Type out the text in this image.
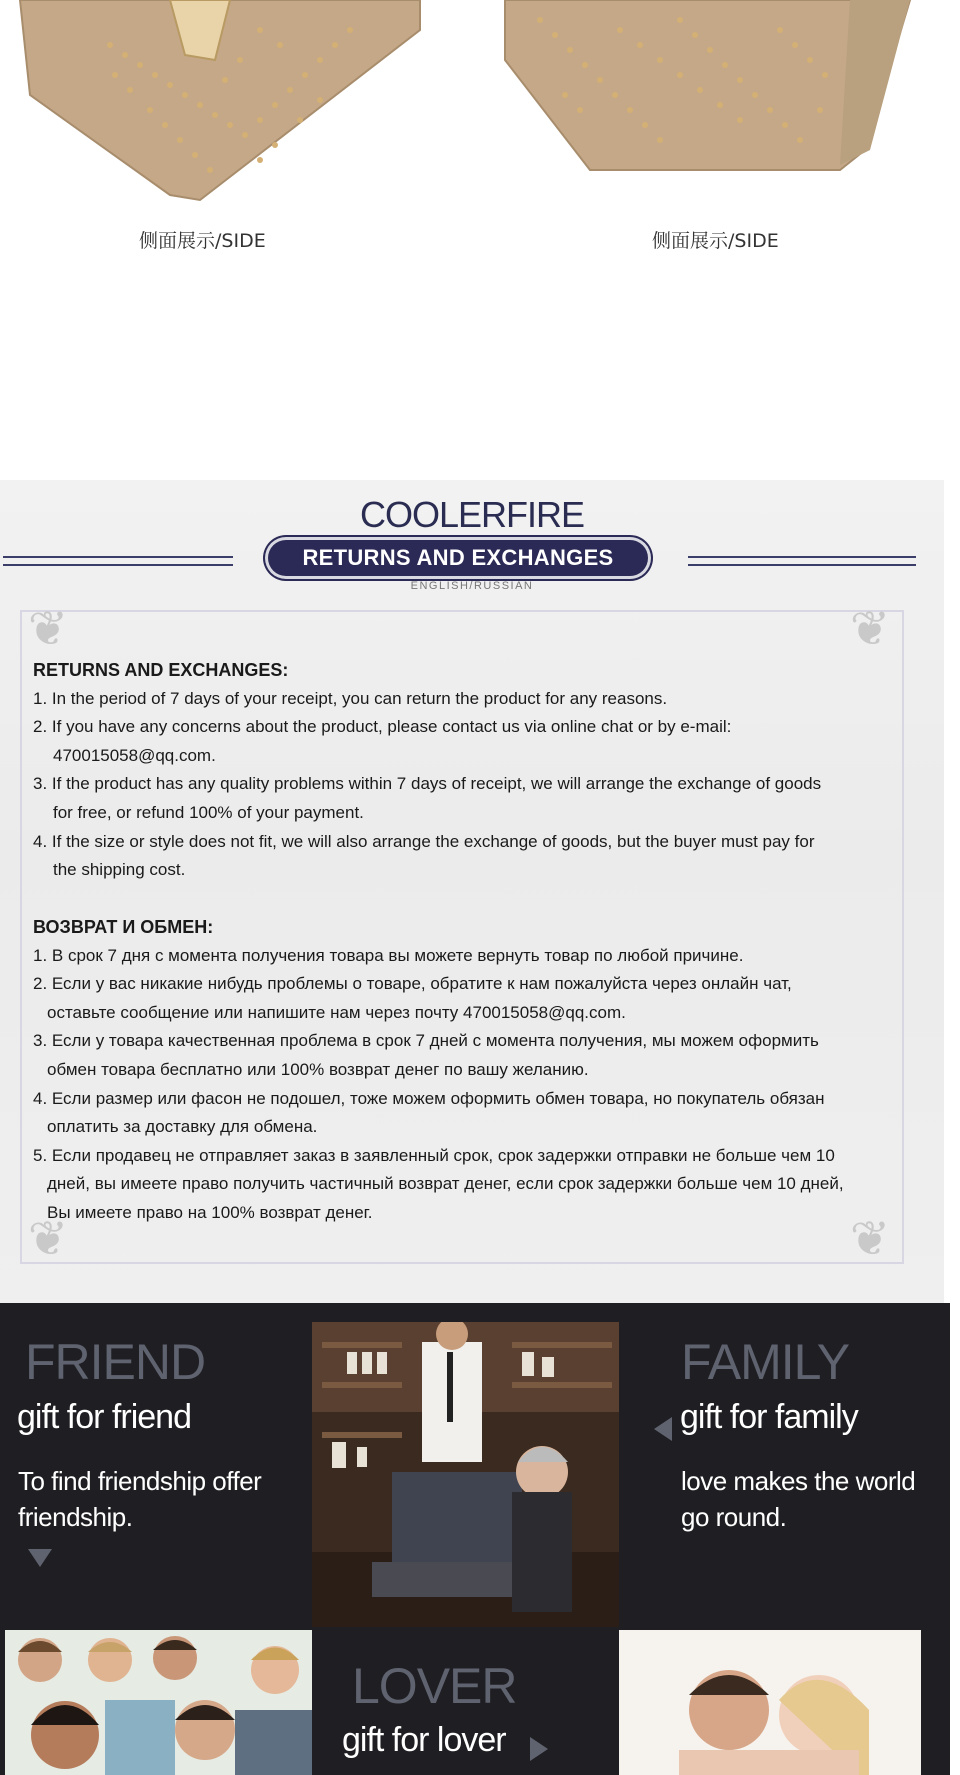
侧面展示/SIDE	侧面展示/SIDE
COOLERFIRE
RETURNS AND EXCHANGES
ENGLISH/RUSSIAN
❦	❦
❦	❦

RETURNS AND EXCHANGES:

1. In the period of 7 days of your receipt, you can return the product for any reasons.

2. If you have any concerns about the product, please contact us via online chat or by e-mail:

470015058@qq.com.

3. If the product has any quality problems within 7 days of receipt, we will arrange the exchange of goods

for free, or refund 100% of your payment.

4. If the size or style does not fit, we will also arrange the exchange of goods, but the buyer must pay for

the shipping cost.

ВОЗВРАТ И ОБМЕН:

1. В срок 7 дня с момента получения товара вы можете вернуть товар по любой причине.

2. Если у вас никакие нибудь проблемы о товаре, обратите к нам пожалуйста через онлайн чат,

оставьте сообщение или напишите нам через почту 470015058@qq.com.

3. Если у товара качественная проблема в срок 7 дней с момента получения, мы можем оформить

обмен товара бесплатно или 100% возврат денег по вашу желанию.

4. Если размер или фасон не подошел, тоже можем оформить обмен товара, но покупатель обязан

оплатить за доставку для обмена.

5. Если продавец не отправляет заказ в заявленный срок, срок задержки отправки не больше чем 10

дней, вы имеете право получить частичный возврат денег, если срок задержки больше чем 10 дней,

Вы имеете право на 100% возврат денег.

FRIEND
gift for friend
To find friendship offer
friendship.
FAMILY
gift for family
love makes the world
go round.
LOVER
gift for lover
